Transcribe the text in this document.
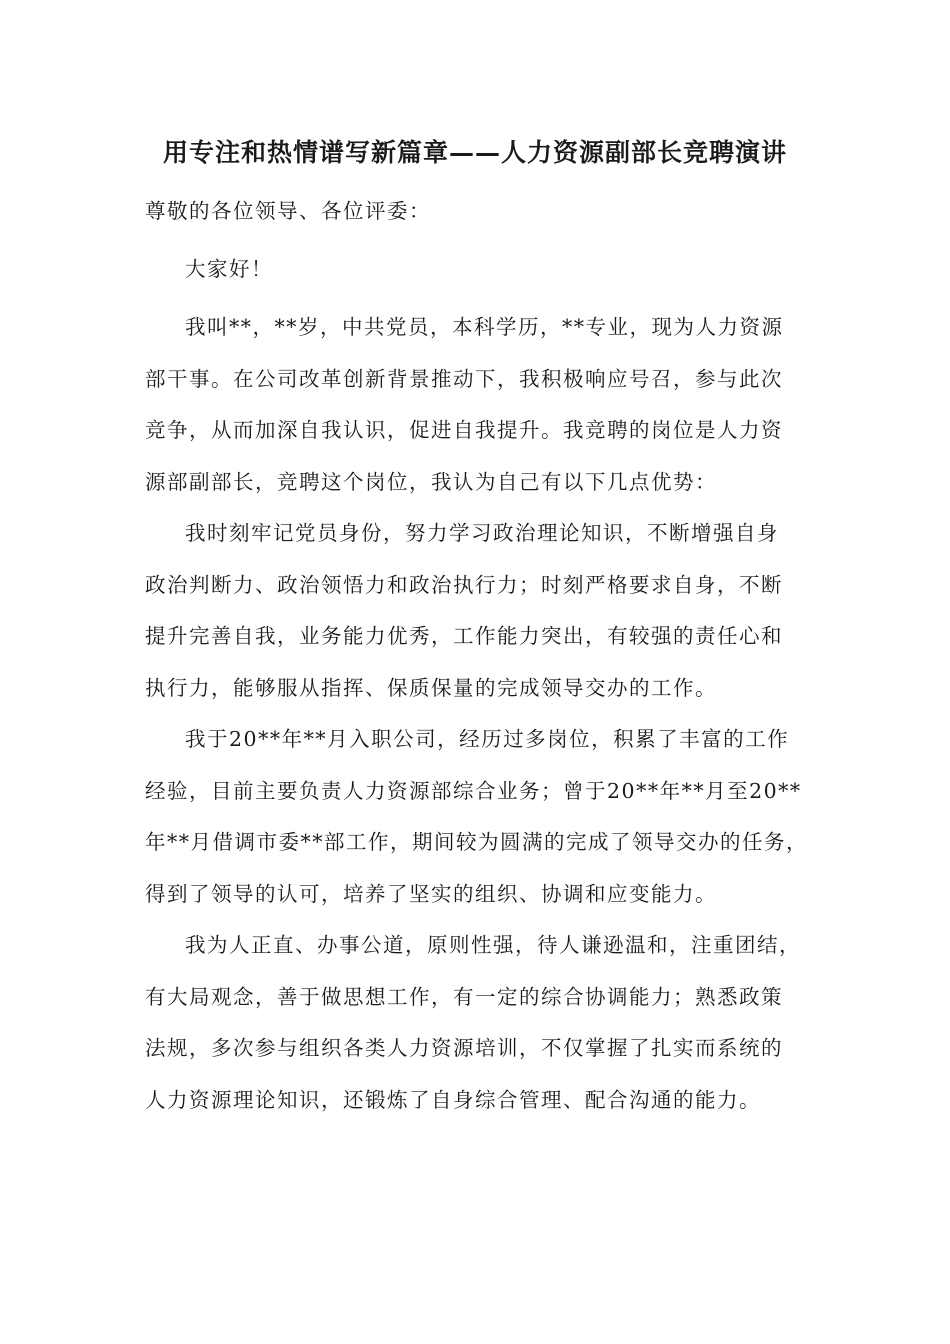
用专注和热情谱写新篇章——人力资源副部长竞聘演讲
尊敬的各位领导、各位评委：
大家好！
我叫**，**岁，中共党员，本科学历，**专业，现为人力资源
部干事。在公司改革创新背景推动下，我积极响应号召，参与此次
竞争，从而加深自我认识，促进自我提升。我竞聘的岗位是人力资
源部副部长，竞聘这个岗位，我认为自己有以下几点优势：
我时刻牢记党员身份，努力学习政治理论知识，不断增强自身
政治判断力、政治领悟力和政治执行力；时刻严格要求自身，不断
提升完善自我，业务能力优秀，工作能力突出，有较强的责任心和
执行力，能够服从指挥、保质保量的完成领导交办的工作。
我于20**年**月入职公司，经历过多岗位，积累了丰富的工作
经验，目前主要负责人力资源部综合业务；曾于20**年**月至20**
年**月借调市委**部工作，期间较为圆满的完成了领导交办的任务，
得到了领导的认可，培养了坚实的组织、协调和应变能力。
我为人正直、办事公道，原则性强，待人谦逊温和，注重团结，
有大局观念，善于做思想工作，有一定的综合协调能力；熟悉政策
法规，多次参与组织各类人力资源培训，不仅掌握了扎实而系统的
人力资源理论知识，还锻炼了自身综合管理、配合沟通的能力。
